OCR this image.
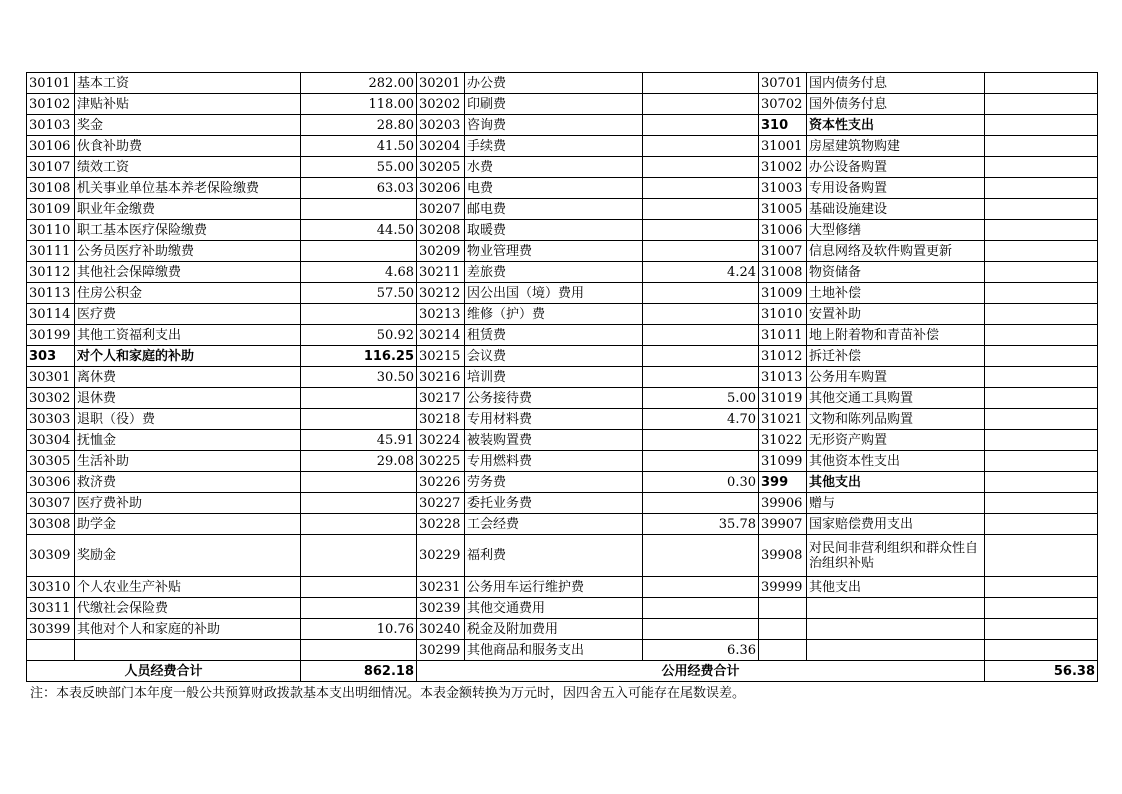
30101	基本工资	282.00	30201	办公费		30701	国内债务付息	
30102	津贴补贴	118.00	30202	印刷费		30702	国外债务付息	
30103	奖金	28.80	30203	咨询费		310	资本性支出	
30106	伙食补助费	41.50	30204	手续费		31001	房屋建筑物购建	
30107	绩效工资	55.00	30205	水费		31002	办公设备购置	
30108	机关事业单位基本养老保险缴费	63.03	30206	电费		31003	专用设备购置	
30109	职业年金缴费		30207	邮电费		31005	基础设施建设	
30110	职工基本医疗保险缴费	44.50	30208	取暖费		31006	大型修缮	
30111	公务员医疗补助缴费		30209	物业管理费		31007	信息网络及软件购置更新	
30112	其他社会保障缴费	4.68	30211	差旅费	4.24	31008	物资储备	
30113	住房公积金	57.50	30212	因公出国（境）费用		31009	土地补偿	
30114	医疗费		30213	维修（护）费		31010	安置补助	
30199	其他工资福利支出	50.92	30214	租赁费		31011	地上附着物和青苗补偿	
303	对个人和家庭的补助	116.25	30215	会议费		31012	拆迁补偿	
30301	离休费	30.50	30216	培训费		31013	公务用车购置	
30302	退休费		30217	公务接待费	5.00	31019	其他交通工具购置	
30303	退职（役）费		30218	专用材料费	4.70	31021	文物和陈列品购置	
30304	抚恤金	45.91	30224	被装购置费		31022	无形资产购置	
30305	生活补助	29.08	30225	专用燃料费		31099	其他资本性支出	
30306	救济费		30226	劳务费	0.30	399	其他支出	
30307	医疗费补助		30227	委托业务费		39906	赠与	
30308	助学金		30228	工会经费	35.78	39907	国家赔偿费用支出	
30309	奖励金		30229	福利费		39908	对民间非营利组织和群众性自治组织补贴	
30310	个人农业生产补贴		30231	公务用车运行维护费		39999	其他支出	
30311	代缴社会保险费		30239	其他交通费用				
30399	其他对个人和家庭的补助	10.76	30240	税金及附加费用				
			30299	其他商品和服务支出	6.36			
人员经费合计		862.18	公用经费合计					56.38
注：本表反映部门本年度一般公共预算财政拨款基本支出明细情况。本表金额转换为万元时，因四舍五入可能存在尾数误差。
